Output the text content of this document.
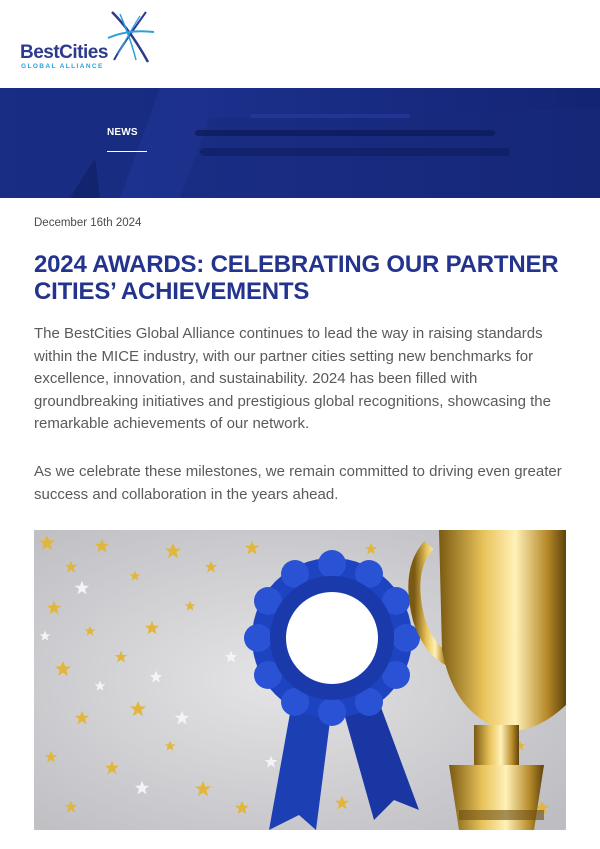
BestCities
GLOBAL ALLIANCE
NEWS
December 16th 2024
2024 AWARDS: CELEBRATING OUR PARTNER CITIES’ ACHIEVEMENTS

The BestCities Global Alliance continues to lead the way in raising standards within the MICE industry, with our partner cities setting new benchmarks for excellence, innovation, and sustainability. 2024 has been filled with groundbreaking initiatives and prestigious global recognitions, showcasing the remarkable achievements of our network.

As we celebrate these milestones, we remain committed to driving even greater success and collaboration in the years ahead.
